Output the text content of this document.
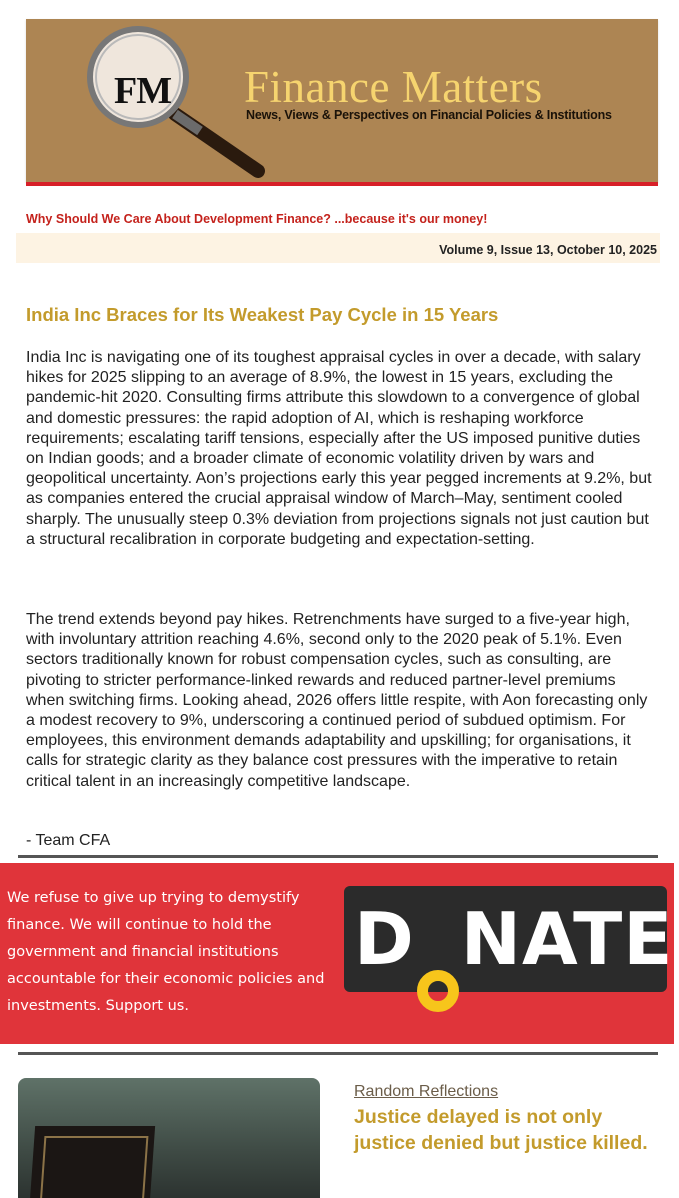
FM Finance Matters
News, Views & Perspectives on Financial Policies & Institutions
Why Should We Care About Development Finance? ...because it's our money!
Volume 9, Issue 13, October 10, 2025
India Inc Braces for Its Weakest Pay Cycle in 15 Years

India Inc is navigating one of its toughest appraisal cycles in over a decade, with salary hikes for 2025 slipping to an average of 8.9%, the lowest in 15 years, excluding the pandemic-hit 2020. Consulting firms attribute this slowdown to a convergence of global and domestic pressures: the rapid adoption of AI, which is reshaping workforce requirements; escalating tariff tensions, especially after the US imposed punitive duties on Indian goods; and a broader climate of economic volatility driven by wars and geopolitical uncertainty. Aon’s projections early this year pegged increments at 9.2%, but as companies entered the crucial appraisal window of March–May, sentiment cooled sharply. The unusually steep 0.3% deviation from projections signals not just caution but a structural recalibration in corporate budgeting and expectation-setting.

The trend extends beyond pay hikes. Retrenchments have surged to a five-year high, with involuntary attrition reaching 4.6%, second only to the 2020 peak of 5.1%. Even sectors traditionally known for robust compensation cycles, such as consulting, are pivoting to stricter performance-linked rewards and reduced partner-level premiums when switching firms. Looking ahead, 2026 offers little respite, with Aon forecasting only a modest recovery to 9%, underscoring a continued period of subdued optimism. For employees, this environment demands adaptability and upskilling; for organisations, it calls for strategic clarity as they balance cost pressures with the imperative to retain critical talent in an increasingly competitive landscape.

- Team CFA

We refuse to give up trying to demystify finance. We will continue to hold the government and financial institutions accountable for their economic policies and investments. Support us.

D NATE
Random Reflections

Justice delayed is not only justice denied but justice killed.
